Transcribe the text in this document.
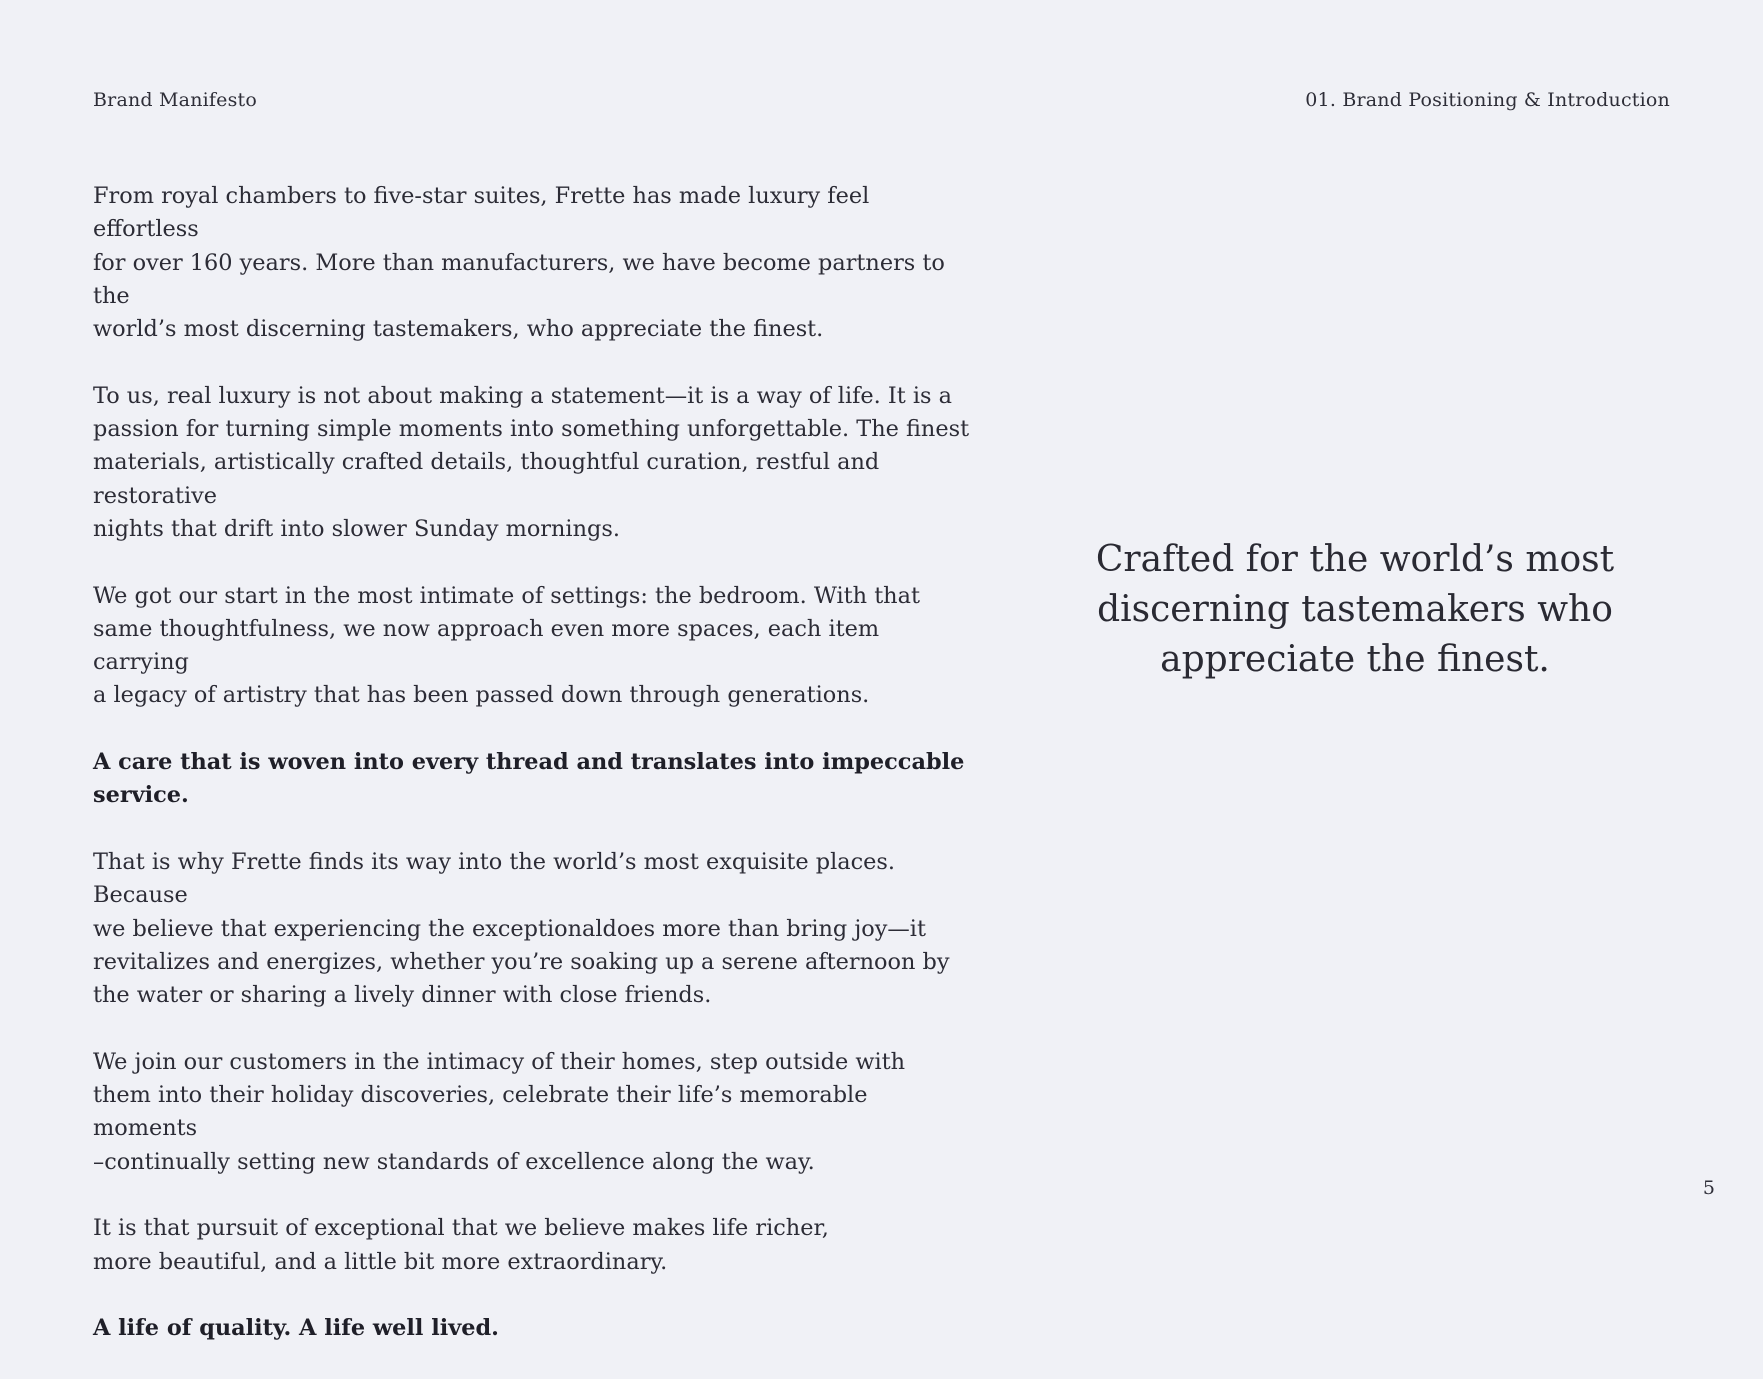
Brand Manifesto	01. Brand Positioning & Introduction

From royal chambers to five-star suites, Frette has made luxury feel effortless
for over 160 years. More than manufacturers, we have become partners to the
world’s most discerning tastemakers, who appreciate the finest.

To us, real luxury is not about making a statement—it is a way of life. It is a
passion for turning simple moments into something unforgettable. The finest
materials, artistically crafted details, thoughtful curation, restful and restorative
nights that drift into slower Sunday mornings.

We got our start in the most intimate of settings: the bedroom. With that
same thoughtfulness, we now approach even more spaces, each item carrying
a legacy of artistry that has been passed down through generations.

A care that is woven into every thread and translates into impeccable service.

That is why Frette finds its way into the world’s most exquisite places. Because
we believe that experiencing the exceptionaldoes more than bring joy—it
revitalizes and energizes, whether you’re soaking up a serene afternoon by
the water or sharing a lively dinner with close friends.

We join our customers in the intimacy of their homes, step outside with
them into their holiday discoveries, celebrate their life’s memorable moments
–continually setting new standards of excellence along the way.

It is that pursuit of exceptional that we believe makes life richer,
more beautiful, and a little bit more extraordinary.

A life of quality. A life well lived.

Crafted for the world’s most
discerning tastemakers who
appreciate the finest.
5
